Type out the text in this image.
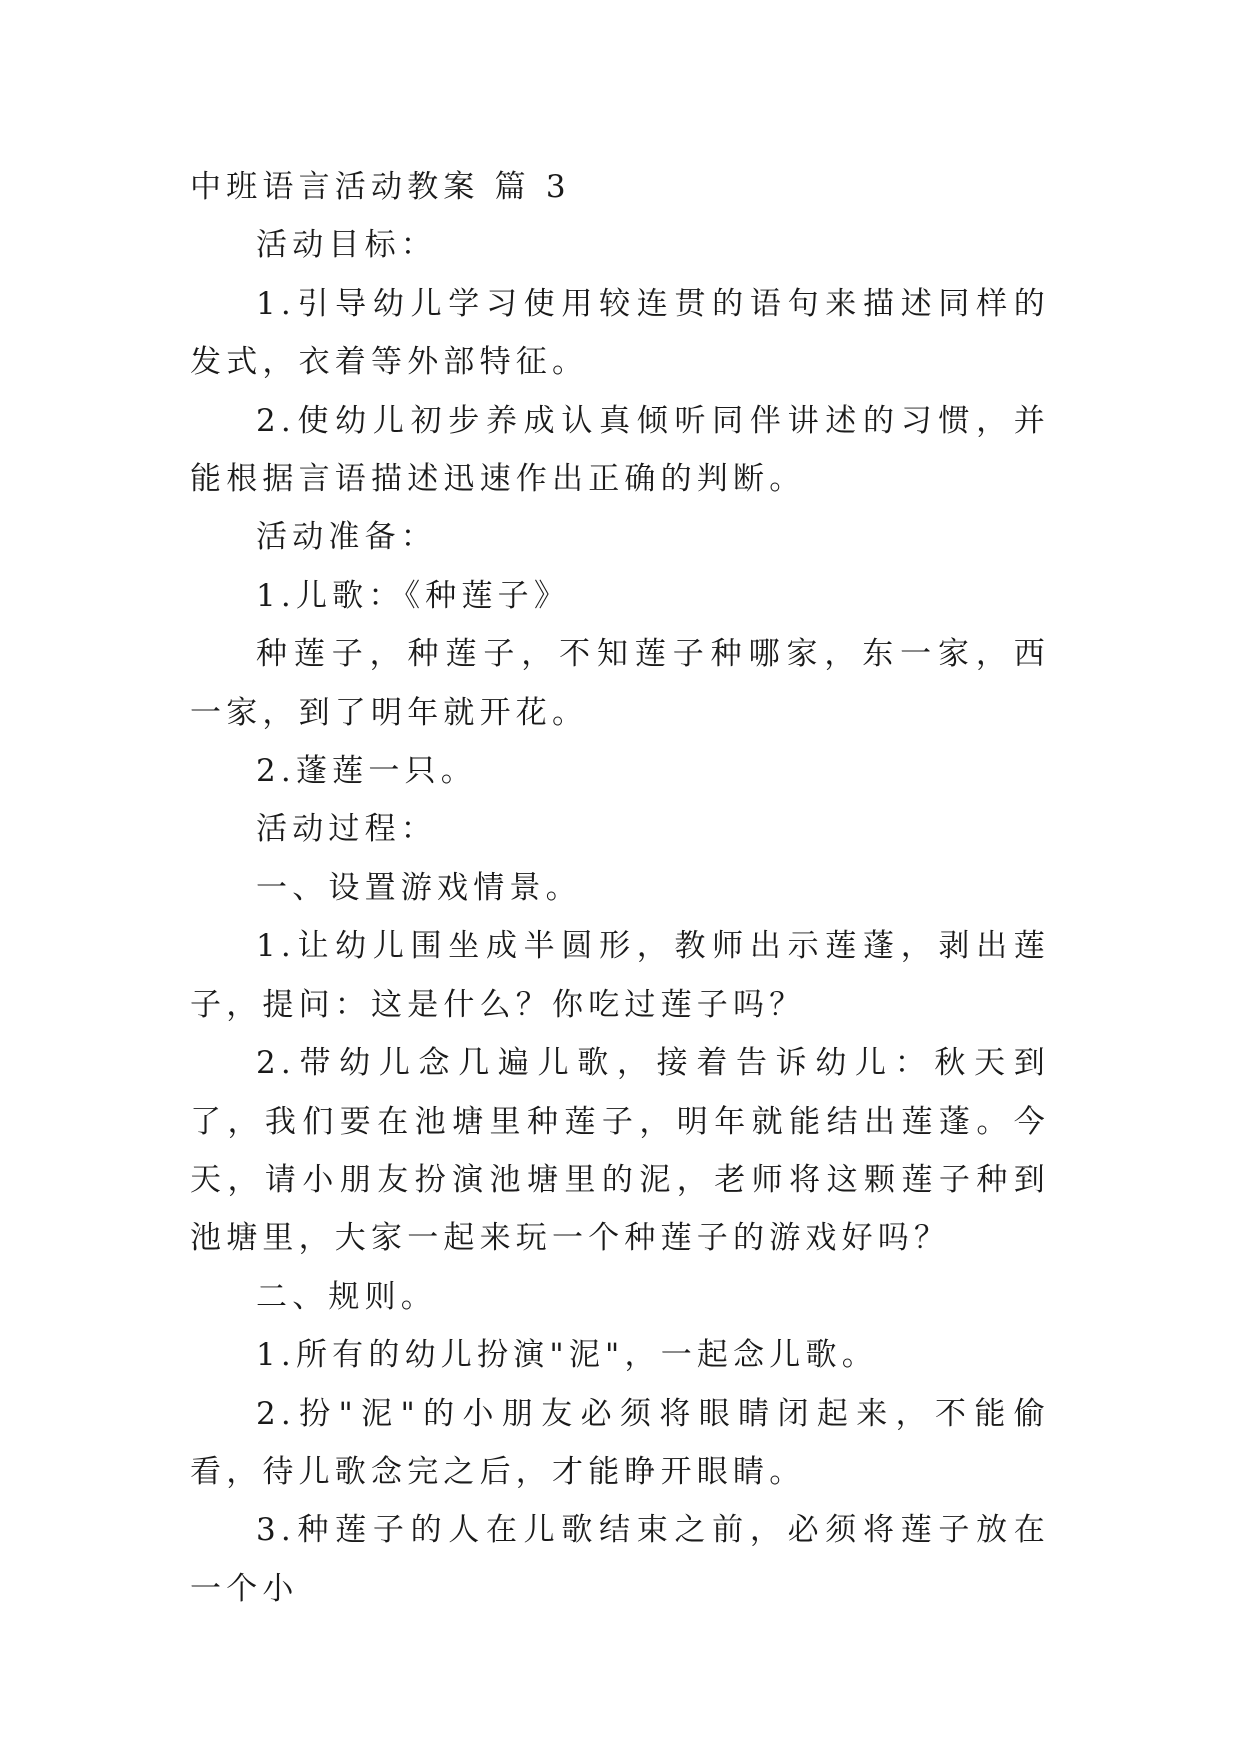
中班语言活动教案 篇 3

活动目标：

1.引导幼儿学习使用较连贯的语句来描述同样的发式，衣着等外部特征。

2.使幼儿初步养成认真倾听同伴讲述的习惯，并能根据言语描述迅速作出正确的判断。

活动准备：

1.儿歌：《种莲子》

种莲子，种莲子，不知莲子种哪家，东一家，西一家，到了明年就开花。

2.蓬莲一只。

活动过程：

一、设置游戏情景。

1.让幼儿围坐成半圆形，教师出示莲蓬，剥出莲子，提问：这是什么？你吃过莲子吗？

2.带幼儿念几遍儿歌，接着告诉幼儿：秋天到了，我们要在池塘里种莲子，明年就能结出莲蓬。今天，请小朋友扮演池塘里的泥，老师将这颗莲子种到池塘里，大家一起来玩一个种莲子的游戏好吗？

二、规则。

1.所有的幼儿扮演"泥"，一起念儿歌。

2.扮"泥"的小朋友必须将眼睛闭起来，不能偷看，待儿歌念完之后，才能睁开眼睛。

3.种莲子的人在儿歌结束之前，必须将莲子放在一个小
